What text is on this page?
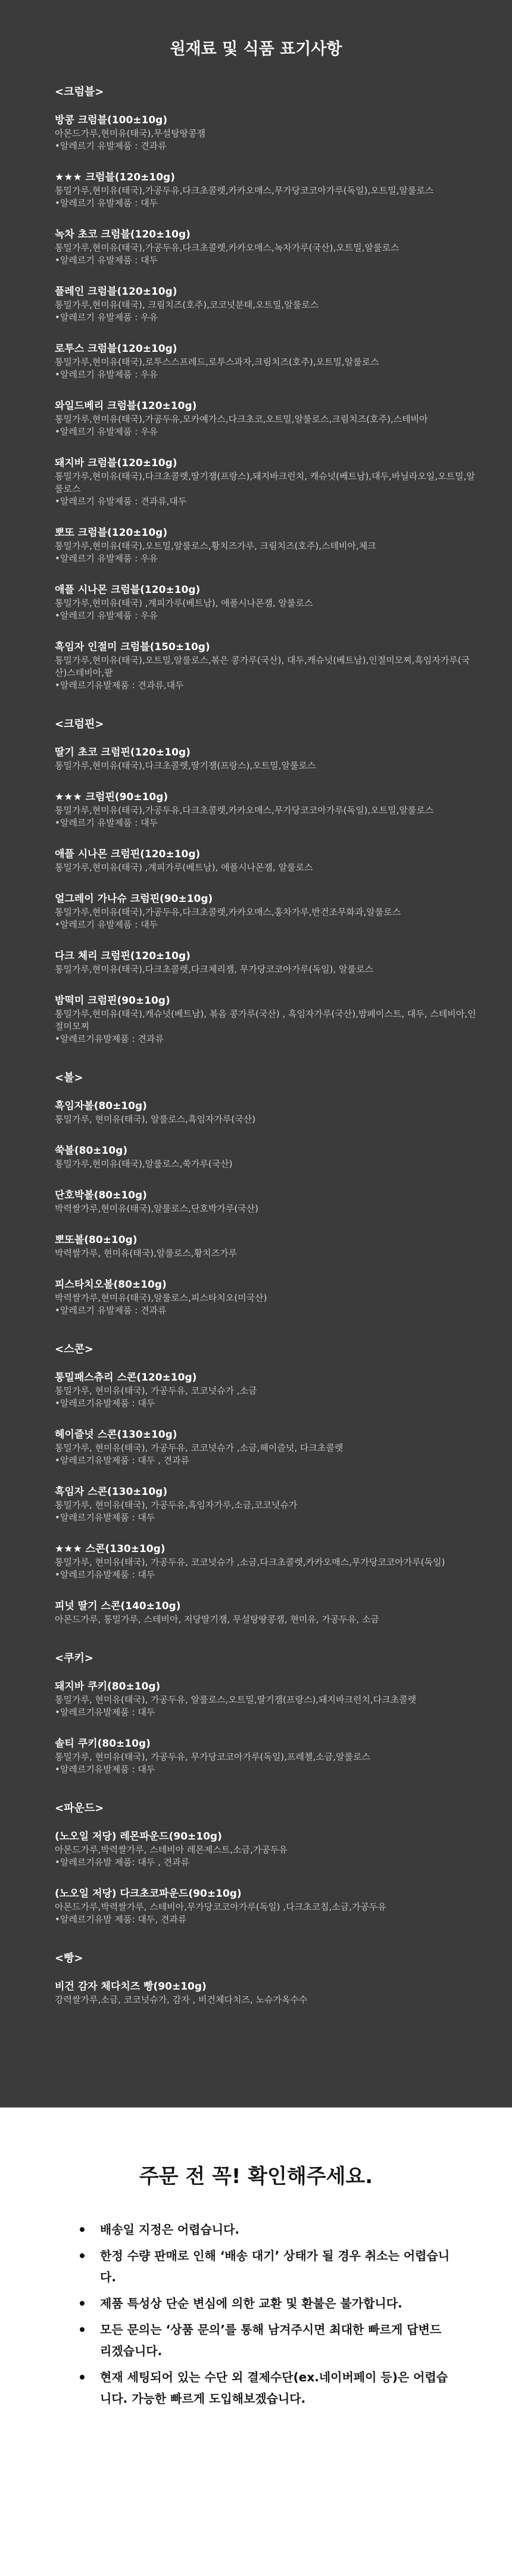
원재료 및 식품 표기사항
<크럼블>
방콩 크럼블(100±10g)
아몬드가루,현미유(태국),무설탕땅콩잼
•알레르기 유발제품 : 견과류
★★★ 크럼블(120±10g)
통밀가루,현미유(태국),가공두유,다크초콜렛,카카오매스,무가당코코아가루(독일),오트밀,알룰로스
•알레르기 유발제품 : 대두
녹차 초코 크럼블(120±10g)
통밀가루,현미유(태국),가공두유,다크초콜렛,카카오매스,녹차가루(국산),오트밀,알룰로스
•알레르기 유발제품 : 대두
플레인 크럼블(120±10g)
통밀가루,현미유(태국), 크림치즈(호주),코코넛분태,오트밀,알룰로스
•알레르기 유발제품 : 우유
로투스 크럼블(120±10g)
통밀가루,현미유(태국),로투스스프레드,로투스과자,크림치즈(호주),오트밀,알룰로스
•알레르기 유발제품 : 우유
와일드베리 크럼블(120±10g)
통밀가루,현미유(태국),가공두유,모카예가스,다크초코,오트밀,알룰로스,크림치즈(호주),스테비아
•알레르기 유발제품 : 우유
돼지바 크럼블(120±10g)
통밀가루,현미유(태국),다크초콜렛,딸기잼(프랑스),돼지바크런치, 캐슈넛(베트남),대두,바닐라오일,오트밀,알룰로스
•알레르기 유발제품 : 견과류,대두
뽀또 크럼블(120±10g)
통밀가루,현미유(태국),오트밀,알룰로스,황치즈가루, 크림치즈(호주),스테비아,체크
•알레르기 유발제품 : 우유
애플 시나몬 크럼블(120±10g)
통밀가루,현미유(태국) ,계피가루(베트남), 애플시나몬잼, 알룰로스
•알레르기 유발제품 : 우유
흑임자 인절미 크럼블(150±10g)
통밀가루,현미유(태국),오트밀,알룰로스,볶은 콩가루(국산), 대두,캐슈넛(베트남),인절미모찌,흑임자가루(국산)스테비아,팥
•알레르기유발제품 : 견과류,대두
<크럼핀>
딸기 초코 크럼핀(120±10g)
통밀가루,현미유(태국),다크초콜렛,딸기잼(프랑스),오트밀,알룰로스
★★★ 크럼핀(90±10g)
통밀가루,현미유(태국),가공두유,다크초콜렛,카카오매스,무가당코코아가루(독일),오트밀,알룰로스
•알레르기 유발제품 : 대두
애플 시나몬 크럼핀(120±10g)
통밀가루,현미유(태국) ,계피가루(베트남), 애플시나몬잼, 알룰로스
얼그레이 가나슈 크럼핀(90±10g)
통밀가루,현미유(태국),가공두유,다크초콜렛,카카오매스,홍차가루,반건조무화과,알룰로스
•알레르기 유발제품 : 대두
다크 체리 크럼핀(120±10g)
통밀가루,현미유(태국),다크초콜렛,다크체리잼, 무가당코코아가루(독일), 알룰로스
밤떡미 크럼핀(90±10g)
통밀가루,현미유(태국),캐슈넛(베트남), 볶음 콩가루(국산) , 흑임자가루(국산),밤페이스트, 대두, 스테비아,인절미모찌
•알레르기유발제품 : 견과류
<볼>
흑임자볼(80±10g)
통밀가루, 현미유(태국), 알룰로스,흑임자가루(국산)
쑥볼(80±10g)
통밀가루,현미유(태국),알룰로스,쑥가루(국산)
단호박볼(80±10g)
박력쌀가루,현미유(태국),알룰로스,단호박가루(국산)
뽀또볼(80±10g)
박력쌀가루, 현미유(태국),알룰로스,황치즈가루
피스타치오볼(80±10g)
박력쌀가루,현미유(태국),알룰로스,피스타치오(미국산)
•알레르기 유발제품 : 견과류
<스콘>
통밀패스츄리 스콘(120±10g)
통밀가루, 현미유(태국), 가공두유, 코코넛슈가 ,소금
•알레르기유발제품 : 대두
헤이즐넛 스콘(130±10g)
통밀가루, 현미유(태국), 가공두유, 코코넛슈가 ,소금,헤이즐넛, 다크초콜렛
•알레르기유발제품 : 대두 , 견과류
흑임자 스콘(130±10g)
통밀가루, 현미유(태국), 가공두유,흑임자가루,소금,코코넛슈가
•알레르기유발제품 : 대두
★★★ 스콘(130±10g)
통밀가루, 현미유(태국), 가공두유, 코코넛슈가 ,소금,다크초콜렛,카카오매스,무가당코코아가루(독일)
•알레르기유발제품 : 대두
피넛 딸기 스콘(140±10g)
아몬드가루, 통밀가루, 스테비아, 저당딸기잼, 무설탕땅콩잼, 현미유, 가공두유, 소금
<쿠키>
돼지바 쿠키(80±10g)
통밀가루, 현미유(태국), 가공두유, 알룰로스,오트밀,딸기잼(프랑스),돼지바크런치,다크초콜렛
•알레르기유발제품 : 대두
솔티 쿠키(80±10g)
통밀가루, 현미유(태국), 가공두유, 무가당코코아가루(독일),프레첼,소금,알룰로스
•알레르기유발제품 : 대두
<파운드>
(노오일 저당) 레몬파운드(90±10g)
아몬드가루,박력쌀가루, 스테비아 레몬제스트,소금,가공두유
•알레르기유발 제품: 대두 , 견과류
(노오일 저당) 다크초코파운드(90±10g)
아몬드가루,박력쌀가루, 스테비아,무가당코코아가루(독일) ,다크초코칩,소금,가공두유
•알레르기유발 제품: 대두, 견과류
<빵>
비건 감자 체다치즈 빵(90±10g)
강력쌀가루,소금, 코코넛슈가, 감자 , 비건체다치즈, 노슈가옥수수
주문 전 꼭! 확인해주세요.
배송일 지정은 어렵습니다.
한정 수량 판매로 인해 ‘배송 대기’ 상태가 될 경우 취소는 어렵습니다.
제품 특성상 단순 변심에 의한 교환 및 환불은 불가합니다.
모든 문의는 ‘상품 문의’를 통해 남겨주시면 최대한 빠르게 답변드리겠습니다.
현재 세팅되어 있는 수단 외 결제수단(ex.네이버페이 등)은 어렵습니다. 가능한 빠르게 도입해보겠습니다.
